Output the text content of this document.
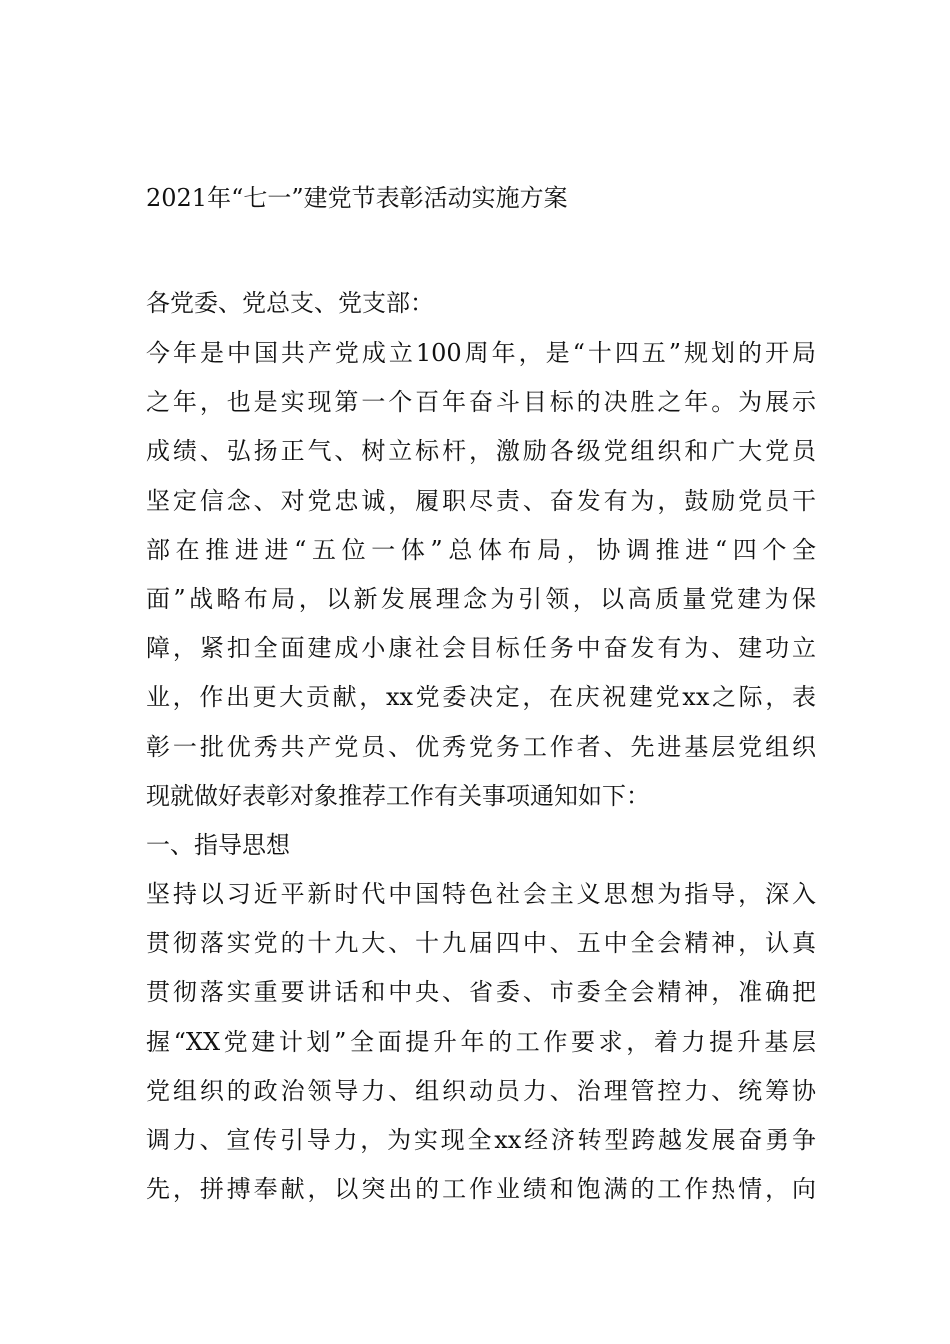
2021年“七一”建党节表彰活动实施方案
各党委、党总支、党支部：
今年是中国共产党成立100周年，是“十四五”规划的开局
之年，也是实现第一个百年奋斗目标的决胜之年。为展示
成绩、弘扬正气、树立标杆，激励各级党组织和广大党员
坚定信念、对党忠诚，履职尽责、奋发有为，鼓励党员干
部在推进进“五位一体”总体布局，协调推进“四个全
面”战略布局，以新发展理念为引领，以高质量党建为保
障，紧扣全面建成小康社会目标任务中奋发有为、建功立
业，作出更大贡献，xx党委决定，在庆祝建党xx之际，表
彰一批优秀共产党员、优秀党务工作者、先进基层党组织
现就做好表彰对象推荐工作有关事项通知如下：
一、指导思想
坚持以习近平新时代中国特色社会主义思想为指导，深入
贯彻落实党的十九大、十九届四中、五中全会精神，认真
贯彻落实重要讲话和中央、省委、市委全会精神，准确把
握“XX党建计划”全面提升年的工作要求，着力提升基层
党组织的政治领导力、组织动员力、治理管控力、统筹协
调力、宣传引导力，为实现全xx经济转型跨越发展奋勇争
先，拼搏奉献，以突出的工作业绩和饱满的工作热情，向
